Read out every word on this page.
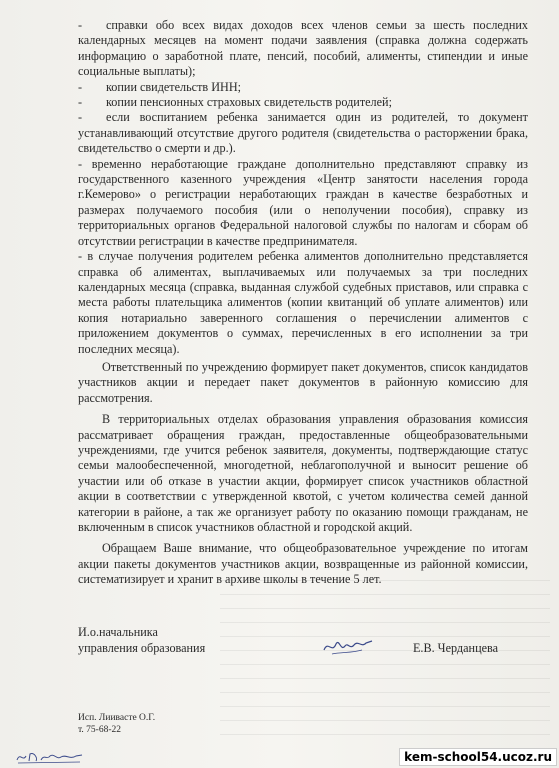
- справки обо всех видах доходов всех членов семьи за шесть последних календарных месяцев на момент подачи заявления (справка должна содержать информацию о заработной плате, пенсий, пособий, алименты, стипендии и иные социальные выплаты);

- копии свидетельств ИНН;

- копии пенсионных страховых свидетельств родителей;

- если воспитанием ребенка занимается один из родителей, то документ устанавливающий отсутствие другого родителя (свидетельства о расторжении брака, свидетельство о смерти и др.).

- временно неработающие граждане дополнительно представляют справку из государственного казенного учреждения «Центр занятости населения города г.Кемерово» о регистрации неработающих граждан в качестве безработных и размерах получаемого пособия (или о неполучении пособия), справку из территориальных органов Федеральной налоговой службы по налогам и сборам об отсутствии регистрации в качестве предпринимателя.

- в случае получения родителем ребенка алиментов дополнительно представляется справка об алиментах, выплачиваемых или получаемых за три последних календарных месяца (справка, выданная службой судебных приставов, или справка с места работы плательщика алиментов (копии квитанций об уплате алиментов) или копия нотариально заверенного соглашения о перечислении алиментов с приложением документов о суммах, перечисленных в его исполнении за три последних месяца).

Ответственный по учреждению формирует пакет документов, список кандидатов участников акции и передает пакет документов в районную комиссию для рассмотрения.

В территориальных отделах образования управления образования комиссия рассматривает обращения граждан, предоставленные общеобразовательными учреждениями, где учится ребенок заявителя, документы, подтверждающие статус семьи малообеспеченной, многодетной, неблагополучной и выносит решение об участии или об отказе в участии акции, формирует список участников областной акции в соответствии с утвержденной квотой, с учетом количества семей данной категории в районе, а так же организует работу по оказанию помощи гражданам, не включенным в список участников областной и городской акций.

Обращаем Ваше внимание, что общеобразовательное учреждение по итогам акции пакеты документов участников акции, возвращенные из районной комиссии, систематизирует и хранит в архиве школы в течение 5 лет.

И.о.начальника
управления образования	Е.В. Черданцева
Исп. Лииваcте О.Г.
т. 75-68-22
kem-school54.ucoz.ru
